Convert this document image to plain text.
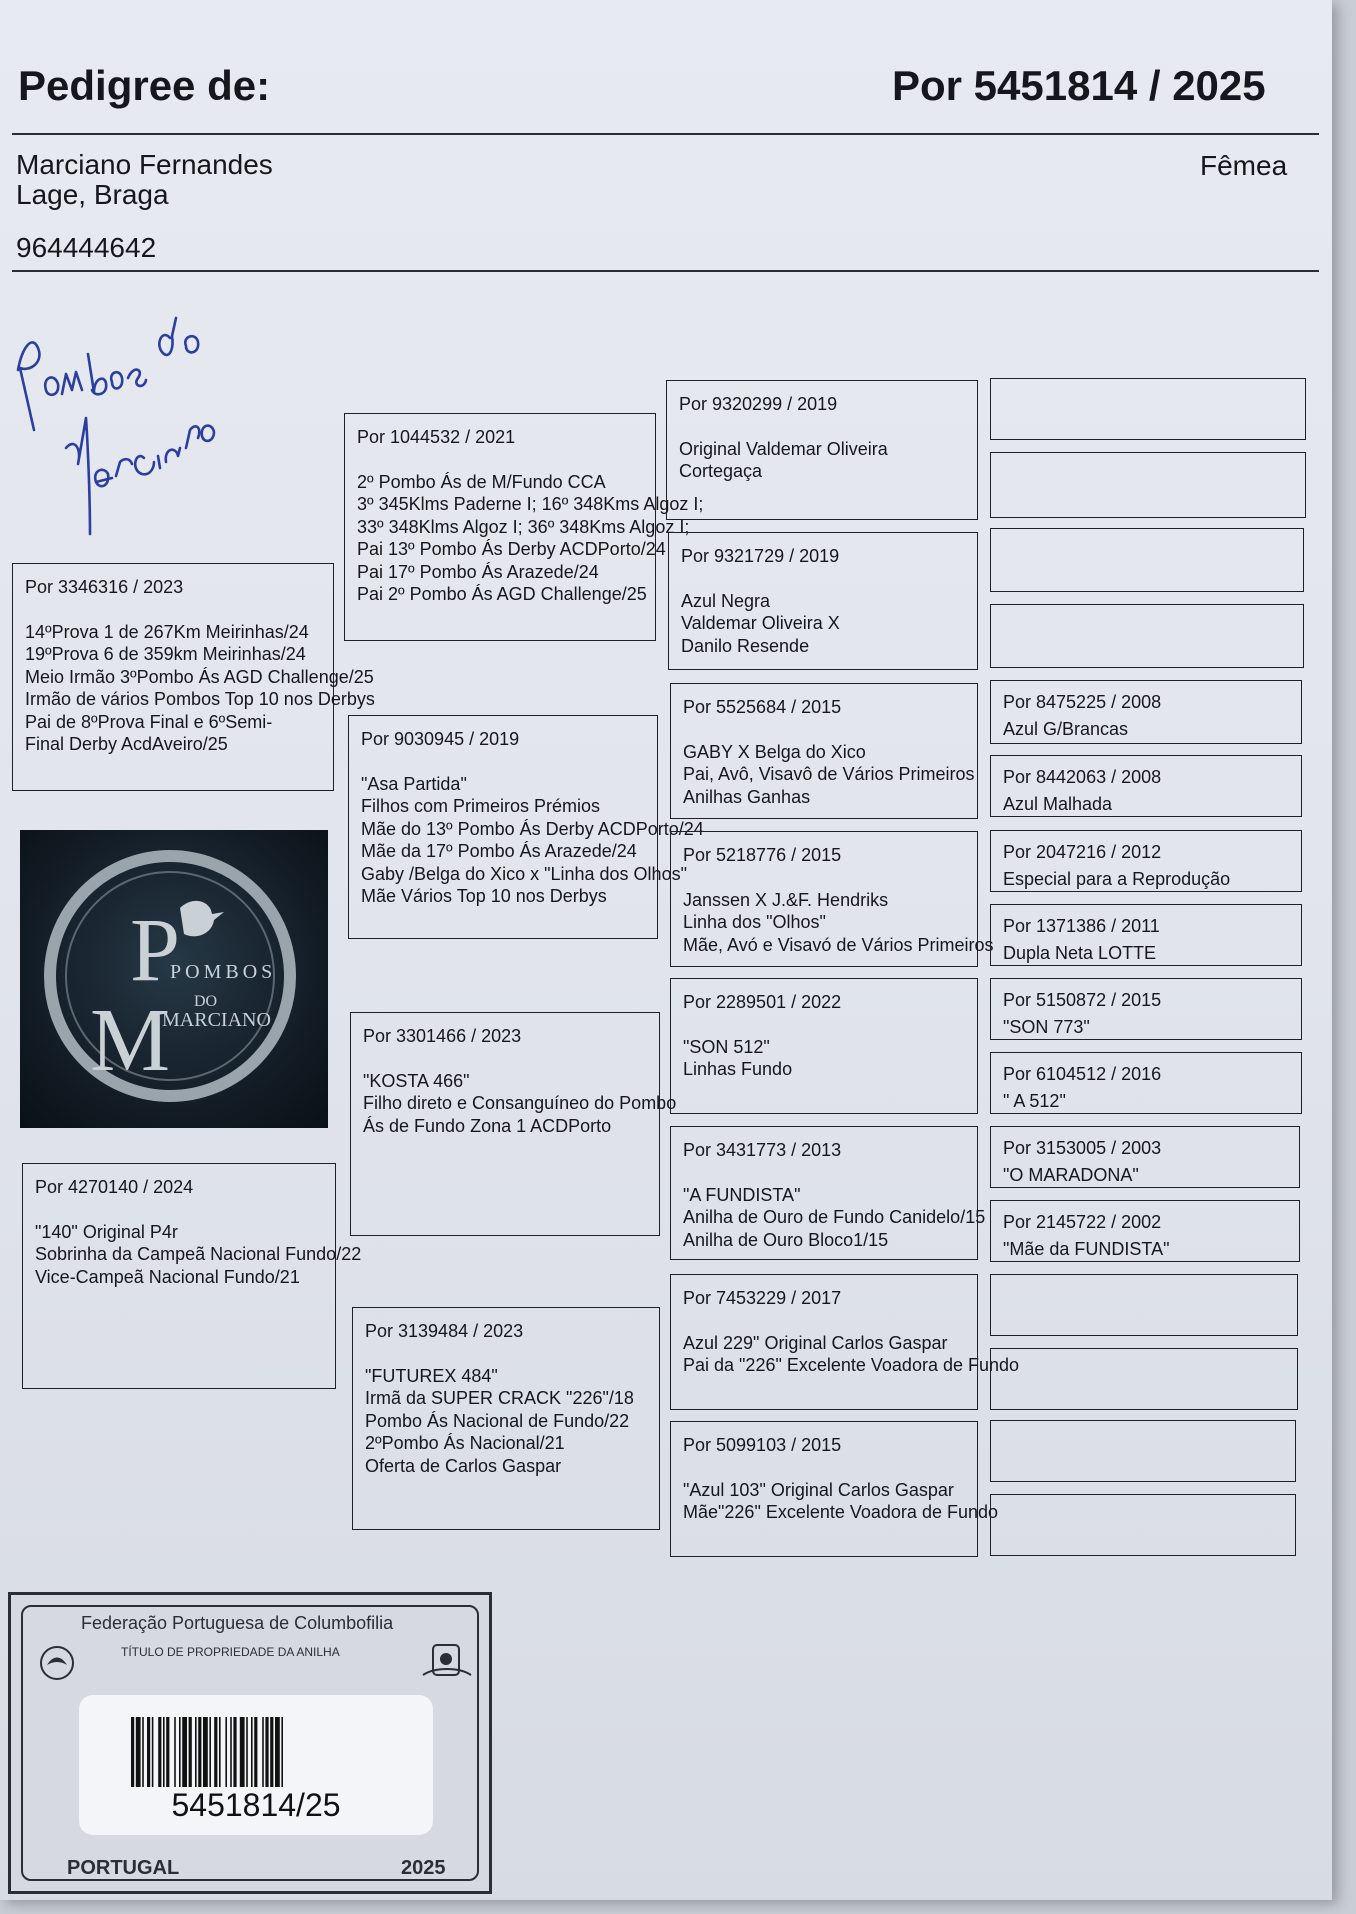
Pedigree de:	Por 5451814 / 2025
Marciano Fernandes
Lage, Braga
Fêmea
964444642
P
M
POMBOS
DO
MARCIANO
Por 3346316 / 2023
14ºProva 1 de 267Km Meirinhas/24
19ºProva 6 de 359km Meirinhas/24
Meio Irmão 3ºPombo Ás AGD Challenge/25
Irmão de vários Pombos Top 10 nos Derbys
Pai de 8ºProva Final e 6ºSemi-
Final Derby AcdAveiro/25
Por 4270140 / 2024
"140" Original P4r
Sobrinha da Campeã Nacional Fundo/22
Vice-Campeã Nacional Fundo/21
Por 1044532 / 2021
2º Pombo Ás de M/Fundo CCA
3º 345Klms Paderne I; 16º 348Kms Algoz I;
33º 348Klms Algoz I; 36º 348Kms Algoz I;
Pai 13º Pombo Ás Derby ACDPorto/24
Pai 17º Pombo Ás Arazede/24
Pai 2º Pombo Ás AGD Challenge/25
Por 9030945 / 2019
"Asa Partida"
Filhos com Primeiros Prémios
Mãe do 13º Pombo Ás Derby ACDPorto/24
Mãe da 17º Pombo Ás Arazede/24
Gaby /Belga do Xico x "Linha dos Olhos"
Mãe Vários Top 10 nos Derbys
Por 3301466 / 2023
"KOSTA 466"
Filho direto e Consanguíneo do Pombo
Ás de Fundo Zona 1 ACDPorto
Por 3139484 / 2023
"FUTUREX 484"
Irmã da SUPER CRACK "226"/18
Pombo Ás Nacional de Fundo/22
2ºPombo Ás Nacional/21
Oferta de Carlos Gaspar
Por 9320299 / 2019
Original Valdemar Oliveira
Cortegaça
Por 9321729 / 2019
Azul Negra
Valdemar Oliveira X
Danilo Resende
Por 5525684 / 2015
GABY X Belga do Xico
Pai, Avô, Visavô de Vários Primeiros
Anilhas Ganhas
Por 5218776 / 2015
Janssen X J.&F. Hendriks
Linha dos "Olhos"
Mãe, Avó e Visavó de Vários Primeiros
Por 2289501 / 2022
"SON 512"
Linhas Fundo
Por 3431773 / 2013
"A FUNDISTA"
Anilha de Ouro de Fundo Canidelo/15
Anilha de Ouro Bloco1/15
Por 7453229 / 2017
Azul 229" Original Carlos Gaspar
Pai da "226" Excelente Voadora de Fundo
Por 5099103 / 2015
"Azul 103" Original Carlos Gaspar
Mãe"226" Excelente Voadora de Fundo
Por 8475225 / 2008
Azul G/Brancas
Por 8442063 / 2008
Azul Malhada
Por 2047216 / 2012
Especial para a Reprodução
Por 1371386 / 2011
Dupla Neta LOTTE
Por 5150872 / 2015
"SON 773"
Por 6104512 / 2016
" A 512"
Por 3153005 / 2003
"O MARADONA"
Por 2145722 / 2002
"Mãe da FUNDISTA"
Federação Portuguesa de Columbofilia
TÍTULO DE PROPRIEDADE DA ANILHA
5451814/25
PORTUGAL	2025
